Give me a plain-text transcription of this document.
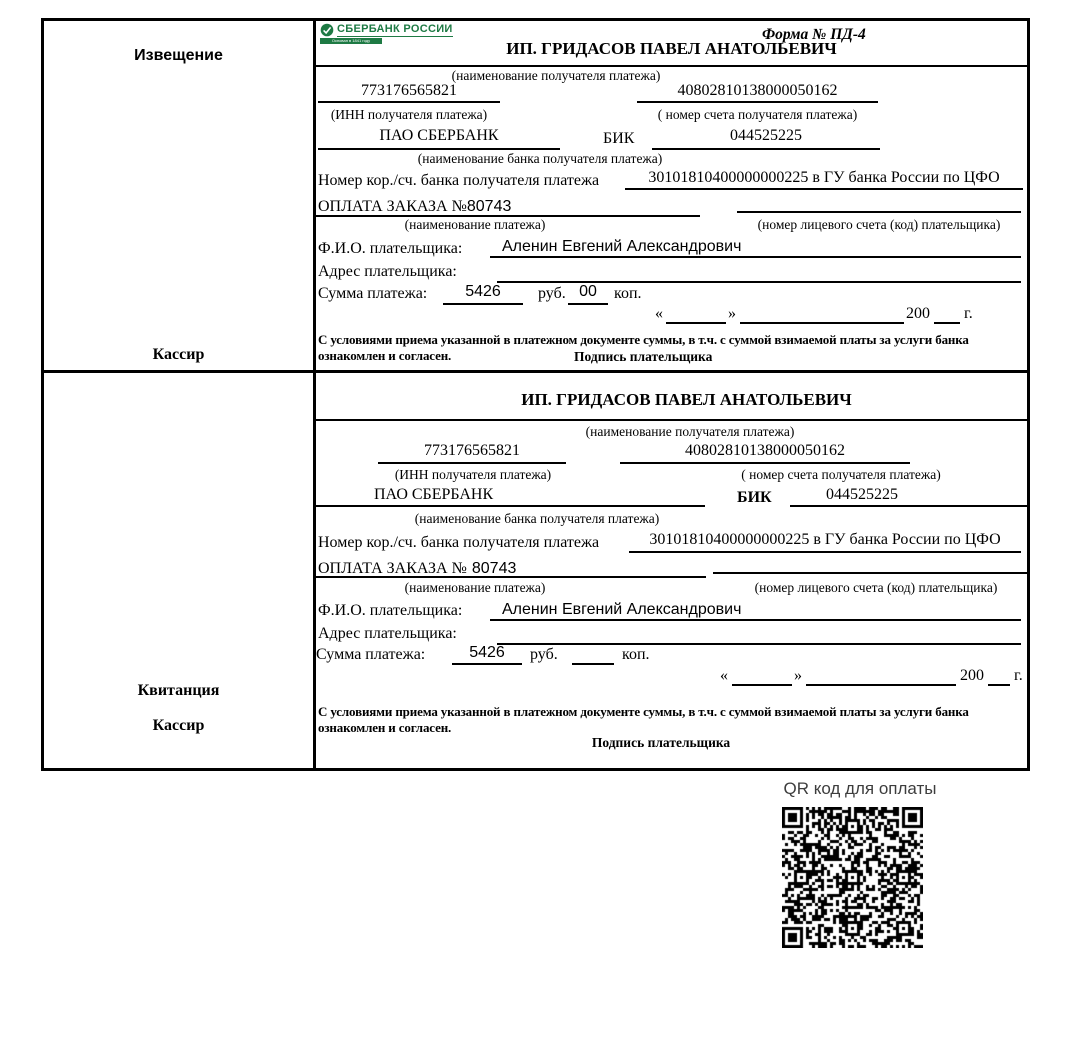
Извещение
Кассир
СБЕРБАНК РОССИИ
Основан в 1841 году	Форма № ПД-4
ИП. ГРИДАСОВ ПАВЕЛ АНАТОЛЬЕВИЧ
(наименование получателя платежа)
773176565821	40802810138000050162
(ИНН получателя платежа)	( номер счета получателя платежа)
ПАО СБЕРБАНК	БИК	044525225
(наименование банка получателя платежа)
Номер кор./сч. банка получателя платежа	30101810400000000225 в ГУ банка России по ЦФО
ОПЛАТА ЗАКАЗА №80743
(наименование платежа)	(номер лицевого счета (код) плательщика)
Ф.И.О. плательщика:	Аленин Евгений Александрович
Адрес плательщика:
Сумма платежа:	5426	руб. 00	коп.
«	»	200 г.
С условиями приема указанной в платежном документе суммы, в т.ч. с суммой взимаемой платы за услуги банка
ознакомлен и согласен.	Подпись плательщика
Квитанция
Кассир
ИП. ГРИДАСОВ ПАВЕЛ АНАТОЛЬЕВИЧ
(наименование получателя платежа)
773176565821	40802810138000050162
(ИНН получателя платежа)	( номер счета получателя платежа)
ПАО СБЕРБАНК	БИК	044525225
(наименование банка получателя платежа)
Номер кор./сч. банка получателя платежа	30101810400000000225 в ГУ банка России по ЦФО
ОПЛАТА ЗАКАЗА № 80743
(наименование платежа)	(номер лицевого счета (код) плательщика)
Ф.И.О. плательщика:	Аленин Евгений Александрович
Адрес плательщика:
Сумма платежа:	5426	руб.	коп.
«	»	200 г.
С условиями приема указанной в платежном документе суммы, в т.ч. с суммой взимаемой платы за услуги банка
ознакомлен и согласен.
Подпись плательщика
QR код для оплаты
